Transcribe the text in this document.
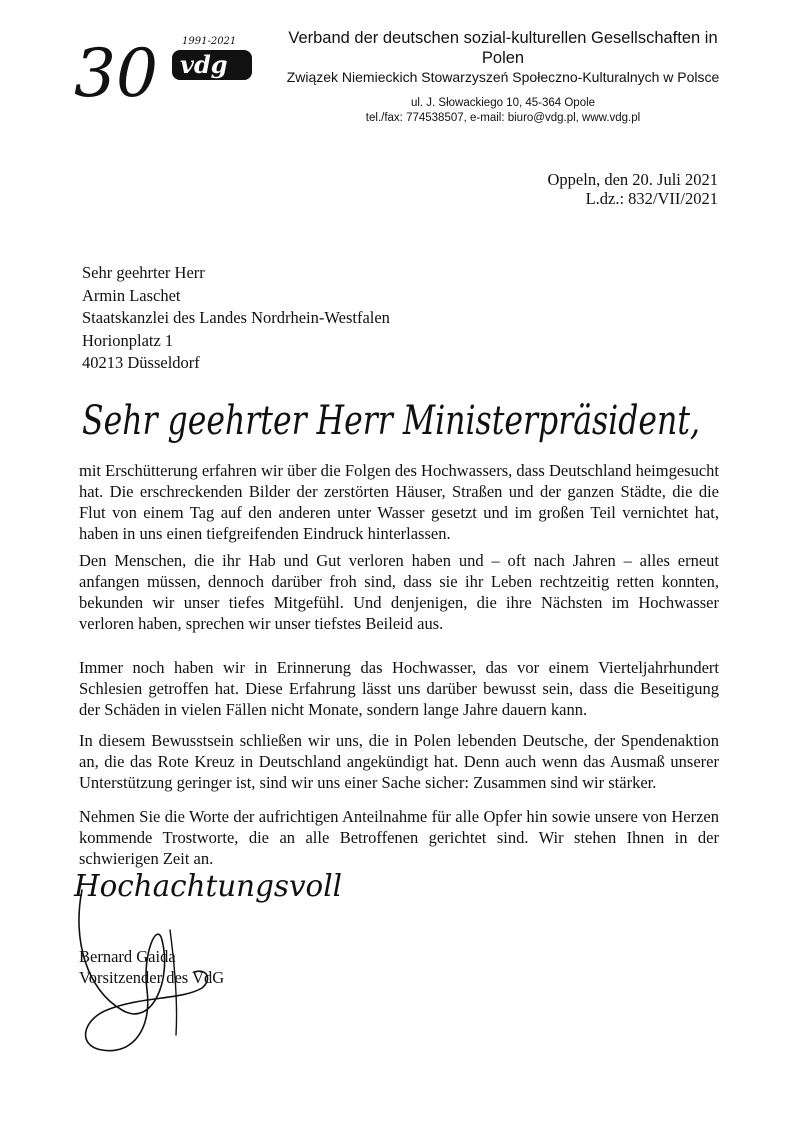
30 1991-2021
vdg
Verband der deutschen sozial-kulturellen Gesellschaften in Polen
Związek Niemieckich Stowarzyszeń Społeczno-Kulturalnych w Polsce
ul. J. Słowackiego 10, 45-364 Opole
tel./fax: 774538507, e-mail: biuro@vdg.pl, www.vdg.pl
Oppeln, den 20. Juli 2021
L.dz.: 832/VII/2021
Sehr geehrter Herr
Armin Laschet
Staatskanzlei des Landes Nordrhein-Westfalen
Horionplatz 1
40213 Düsseldorf
Sehr geehrter Herr Ministerpräsident,
mit Erschütterung erfahren wir über die Folgen des Hochwassers, dass Deutschland heimgesucht hat. Die erschreckenden Bilder der zerstörten Häuser, Straßen und der ganzen Städte, die die Flut von einem Tag auf den anderen unter Wasser gesetzt und im großen Teil vernichtet hat, haben in uns einen tiefgreifenden Eindruck hinterlassen.
Den Menschen, die ihr Hab und Gut verloren haben und – oft nach Jahren – alles erneut anfangen müssen, dennoch darüber froh sind, dass sie ihr Leben rechtzeitig retten konnten, bekunden wir unser tiefes Mitgefühl. Und denjenigen, die ihre Nächsten im Hochwasser verloren haben, sprechen wir unser tiefstes Beileid aus.
Immer noch haben wir in Erinnerung das Hochwasser, das vor einem Vierteljahrhundert Schlesien getroffen hat. Diese Erfahrung lässt uns darüber bewusst sein, dass die Beseitigung der Schäden in vielen Fällen nicht Monate, sondern lange Jahre dauern kann.
In diesem Bewusstsein schließen wir uns, die in Polen lebenden Deutsche, der Spendenaktion an, die das Rote Kreuz in Deutschland angekündigt hat. Denn auch wenn das Ausmaß unserer Unterstützung geringer ist, sind wir uns einer Sache sicher: Zusammen sind wir stärker.
Nehmen Sie die Worte der aufrichtigen Anteilnahme für alle Opfer hin sowie unsere von Herzen kommende Trostworte, die an alle Betroffenen gerichtet sind. Wir stehen Ihnen in der schwierigen Zeit an.
Hochachtungsvoll
Bernard Gaida
Vorsitzender des VdG
